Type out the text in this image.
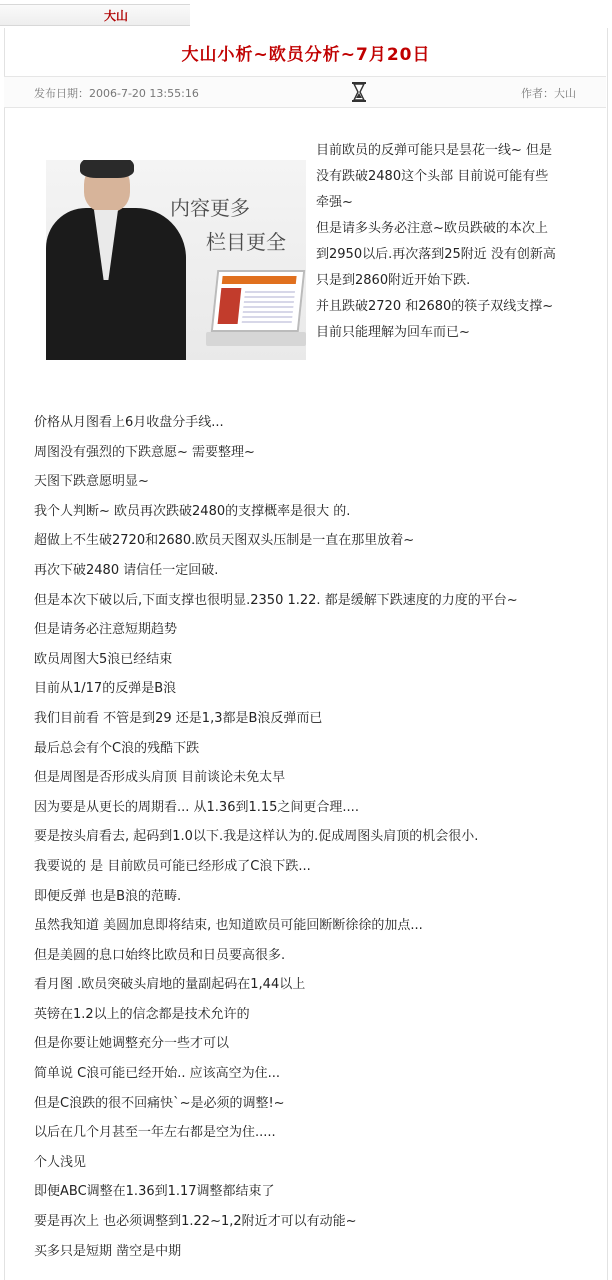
大山
大山小析~欧员分析~7月20日
发布日期：2006-7-20 13:55:16	作者：大山
内容更多
栏目更全
目前欧员的反弹可能只是昙花一线~ 但是
没有跌破2480这个头部 目前说可能有些
牵强~
但是请多头务必注意~欧员跌破的本次上
到2950以后.再次落到25附近 没有创新高
只是到2860附近开始下跌.
并且跌破2720 和2680的筷子双线支撑~
目前只能理解为回车而已~
价格从月图看上6月收盘分手线...
周图没有强烈的下跌意愿~ 需要整理~
天图下跌意愿明显~
我个人判断~ 欧员再次跌破2480的支撑概率是很大 的.
超做上不生破2720和2680.欧员天图双头压制是一直在那里放着~
再次下破2480 请信任一定回破.
但是本次下破以后,下面支撑也很明显.2350 1.22. 都是缓解下跌速度的力度的平台~
但是请务必注意短期趋势
欧员周图大5浪已经结束
目前从1/17的反弹是B浪
我们目前看 不管是到29 还是1,3都是B浪反弹而已
最后总会有个C浪的残酷下跌
但是周图是否形成头肩顶 目前谈论未免太早
因为要是从更长的周期看... 从1.36到1.15之间更合理....
要是按头肩看去, 起码到1.0以下.我是这样认为的.促成周图头肩顶的机会很小.
我要说的 是 目前欧员可能已经形成了C浪下跌...
即便反弹 也是B浪的范畴.
虽然我知道 美圆加息即将结束, 也知道欧员可能回断断徐徐的加点...
但是美圆的息口始终比欧员和日员要高很多.
看月图 .欧员突破头肩地的量副起码在1,44以上
英镑在1.2以上的信念都是技术允许的
但是你要让她调整充分一些才可以
简单说 C浪可能已经开始.. 应该高空为住...
但是C浪跌的很不回痛快`~是必须的调整!~
以后在几个月甚至一年左右都是空为住.....
个人浅见
即便ABC调整在1.36到1.17调整都结束了
要是再次上 也必须调整到1.22~1,2附近才可以有动能~
买多只是短期 凿空是中期
